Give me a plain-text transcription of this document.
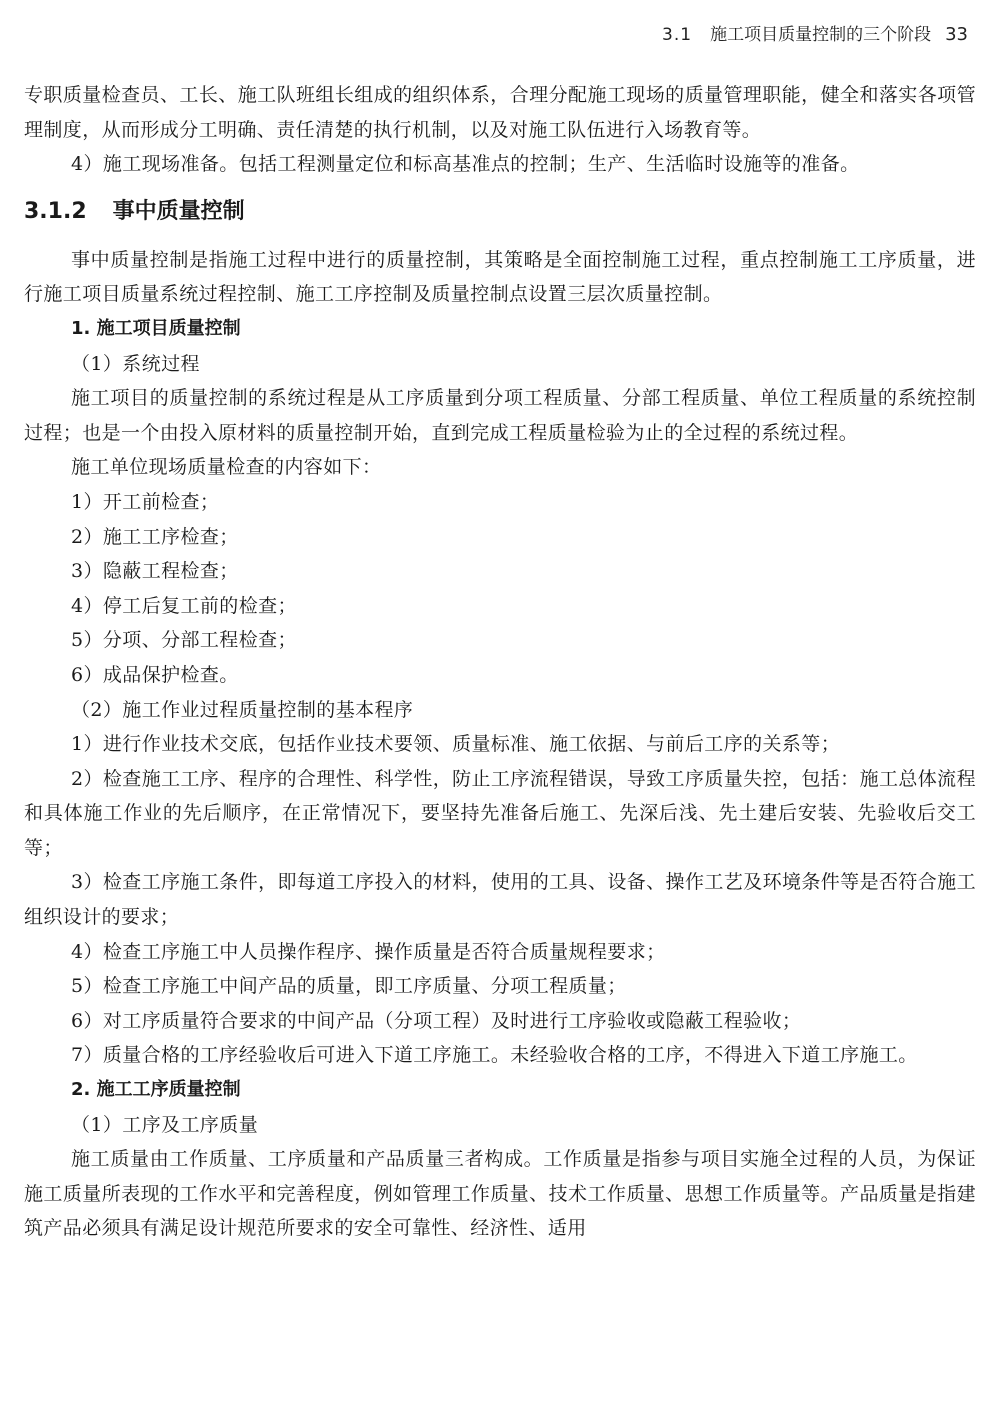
3.1 施工项目质量控制的三个阶段 33

专职质量检查员、工长、施工队班组长组成的组织体系，合理分配施工现场的质量管理职能，健全和落实各项管理制度，从而形成分工明确、责任清楚的执行机制，以及对施工队伍进行入场教育等。

4）施工现场准备。包括工程测量定位和标高基准点的控制；生产、生活临时设施等的准备。

3.1.2 事中质量控制

事中质量控制是指施工过程中进行的质量控制，其策略是全面控制施工过程，重点控制施工工序质量，进行施工项目质量系统过程控制、施工工序控制及质量控制点设置三层次质量控制。

1. 施工项目质量控制

（1）系统过程

施工项目的质量控制的系统过程是从工序质量到分项工程质量、分部工程质量、单位工程质量的系统控制过程；也是一个由投入原材料的质量控制开始，直到完成工程质量检验为止的全过程的系统过程。

施工单位现场质量检查的内容如下：

1）开工前检查；

2）施工工序检查；

3）隐蔽工程检查；

4）停工后复工前的检查；

5）分项、分部工程检查；

6）成品保护检查。

（2）施工作业过程质量控制的基本程序

1）进行作业技术交底，包括作业技术要领、质量标准、施工依据、与前后工序的关系等；

2）检查施工工序、程序的合理性、科学性，防止工序流程错误，导致工序质量失控，包括：施工总体流程和具体施工作业的先后顺序，在正常情况下，要坚持先准备后施工、先深后浅、先土建后安装、先验收后交工等；

3）检查工序施工条件，即每道工序投入的材料，使用的工具、设备、操作工艺及环境条件等是否符合施工组织设计的要求；

4）检查工序施工中人员操作程序、操作质量是否符合质量规程要求；

5）检查工序施工中间产品的质量，即工序质量、分项工程质量；

6）对工序质量符合要求的中间产品（分项工程）及时进行工序验收或隐蔽工程验收；

7）质量合格的工序经验收后可进入下道工序施工。未经验收合格的工序，不得进入下道工序施工。

2. 施工工序质量控制

（1）工序及工序质量

施工质量由工作质量、工序质量和产品质量三者构成。工作质量是指参与项目实施全过程的人员，为保证施工质量所表现的工作水平和完善程度，例如管理工作质量、技术工作质量、思想工作质量等。产品质量是指建筑产品必须具有满足设计规范所要求的安全可靠性、经济性、适用
